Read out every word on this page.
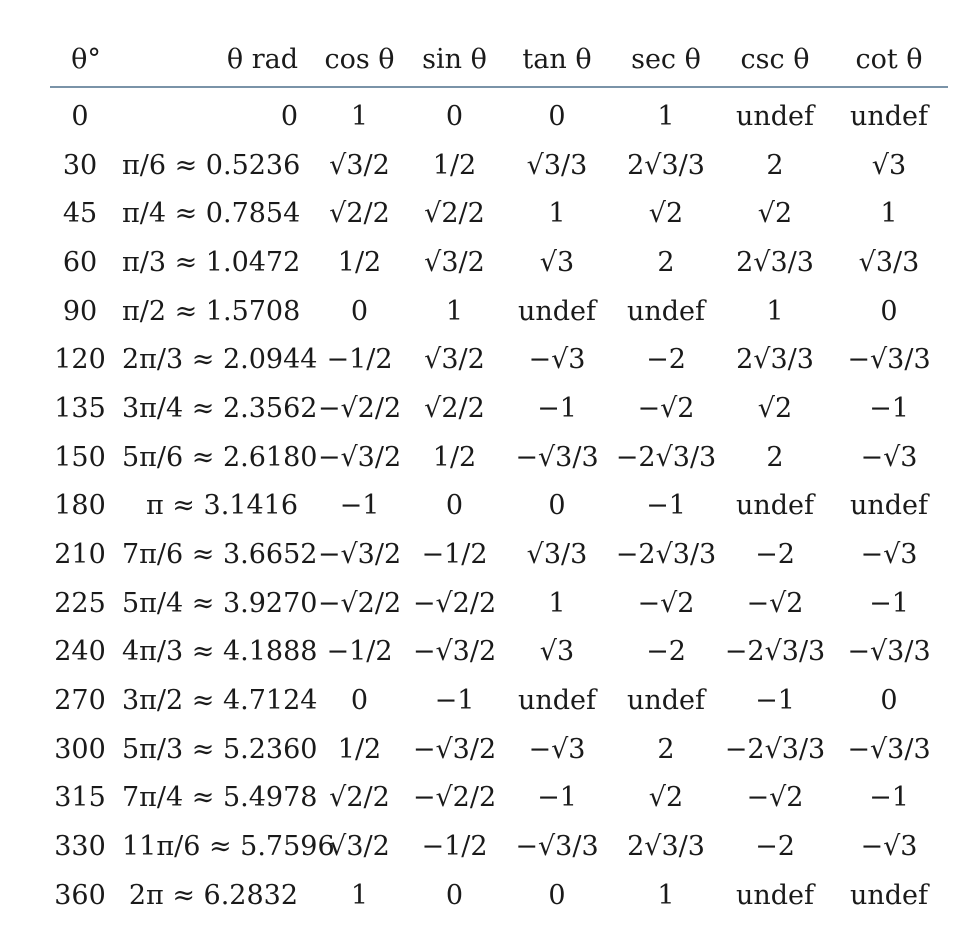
θ°	θ rad	cos θ	sin θ	tan θ	sec θ	csc θ	cot θ
0	0	1	0	0	1	undef	undef
30	π/6 ≈ 0.5236	√3/2	1/2	√3/3	2√3/3	2	√3
45	π/4 ≈ 0.7854	√2/2	√2/2	1	√2	√2	1
60	π/3 ≈ 1.0472	1/2	√3/2	√3	2	2√3/3	√3/3
90	π/2 ≈ 1.5708	0	1	undef	undef	1	0
120	2π/3 ≈ 2.0944	−1/2	√3/2	−√3	−2	2√3/3	−√3/3
135	3π/4 ≈ 2.3562	−√2/2	√2/2	−1	−√2	√2	−1
150	5π/6 ≈ 2.6180	−√3/2	1/2	−√3/3	−2√3/3	2	−√3
180	π ≈ 3.1416	−1	0	0	−1	undef	undef
210	7π/6 ≈ 3.6652	−√3/2	−1/2	√3/3	−2√3/3	−2	−√3
225	5π/4 ≈ 3.9270	−√2/2	−√2/2	1	−√2	−√2	−1
240	4π/3 ≈ 4.1888	−1/2	−√3/2	√3	−2	−2√3/3	−√3/3
270	3π/2 ≈ 4.7124	0	−1	undef	undef	−1	0
300	5π/3 ≈ 5.2360	1/2	−√3/2	−√3	2	−2√3/3	−√3/3
315	7π/4 ≈ 5.4978	√2/2	−√2/2	−1	√2	−√2	−1
330	11π/6 ≈ 5.7596	√3/2	−1/2	−√3/3	2√3/3	−2	−√3
360	2π ≈ 6.2832	1	0	0	1	undef	undef
